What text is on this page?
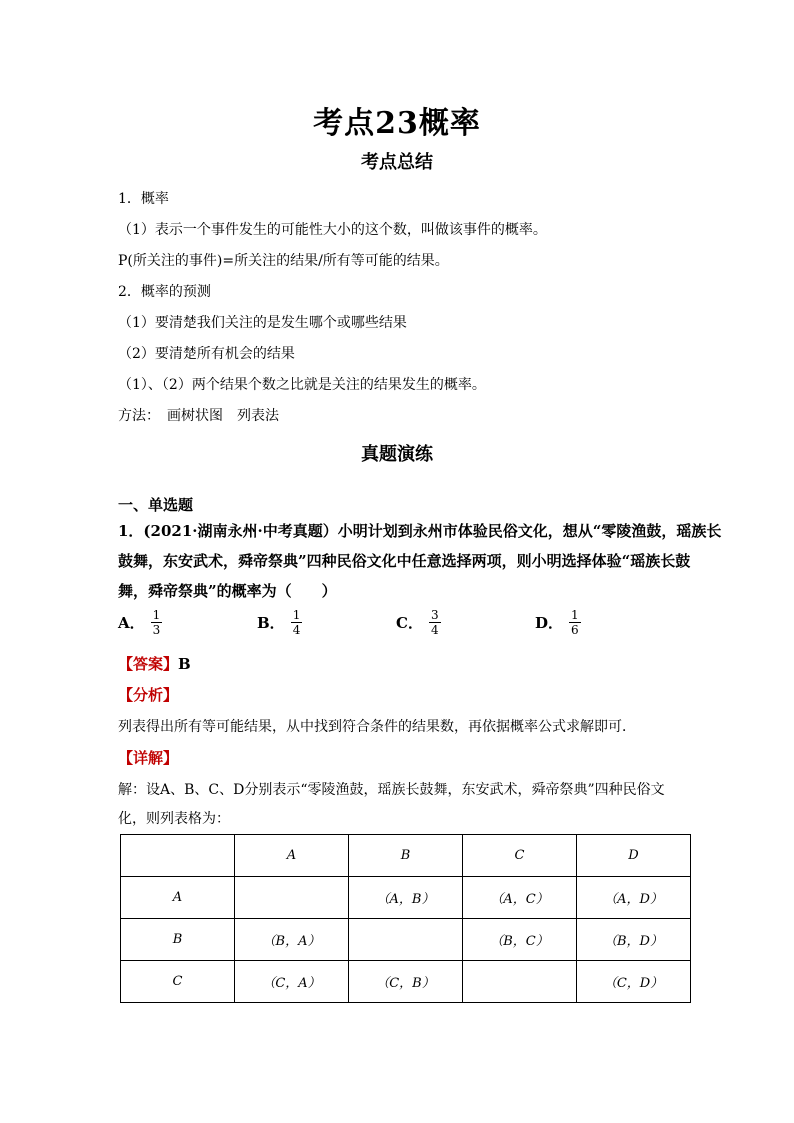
考点23概率
考点总结
1．概率
（1）表示一个事件发生的可能性大小的这个数，叫做该事件的概率。
P(所关注的事件)=所关注的结果/所有等可能的结果。
2．概率的预测
（1）要清楚我们关注的是发生哪个或哪些结果
（2）要清楚所有机会的结果
（1）、（2）两个结果个数之比就是关注的结果发生的概率。
方法：　画树状图　列表法
真题演练
一、单选题
1．(2021·湖南永州·中考真题）小明计划到永州市体验民俗文化，想从“零陵渔鼓，瑶族长
鼓舞，东安武术，舜帝祭典”四种民俗文化中任意选择两项，则小明选择体验“瑶族长鼓
舞，舜帝祭典”的概率为（　　）
A． $\frac{1}{3}$	B． $\frac{1}{4}$	C． $\frac{3}{4}$	D． $\frac{1}{6}$
【答案】B
【分析】
列表得出所有等可能结果，从中找到符合条件的结果数，再依据概率公式求解即可．
【详解】
解：设A、B、C、D分别表示“零陵渔鼓，瑶族长鼓舞，东安武术，舜帝祭典”四种民俗文
化，则列表格为：
	A	B	C	D
A		（A，B）	（A，C）	（A，D）
B	（B，A）		（B，C）	（B，D）
C	（C，A）	（C，B）		（C，D）
